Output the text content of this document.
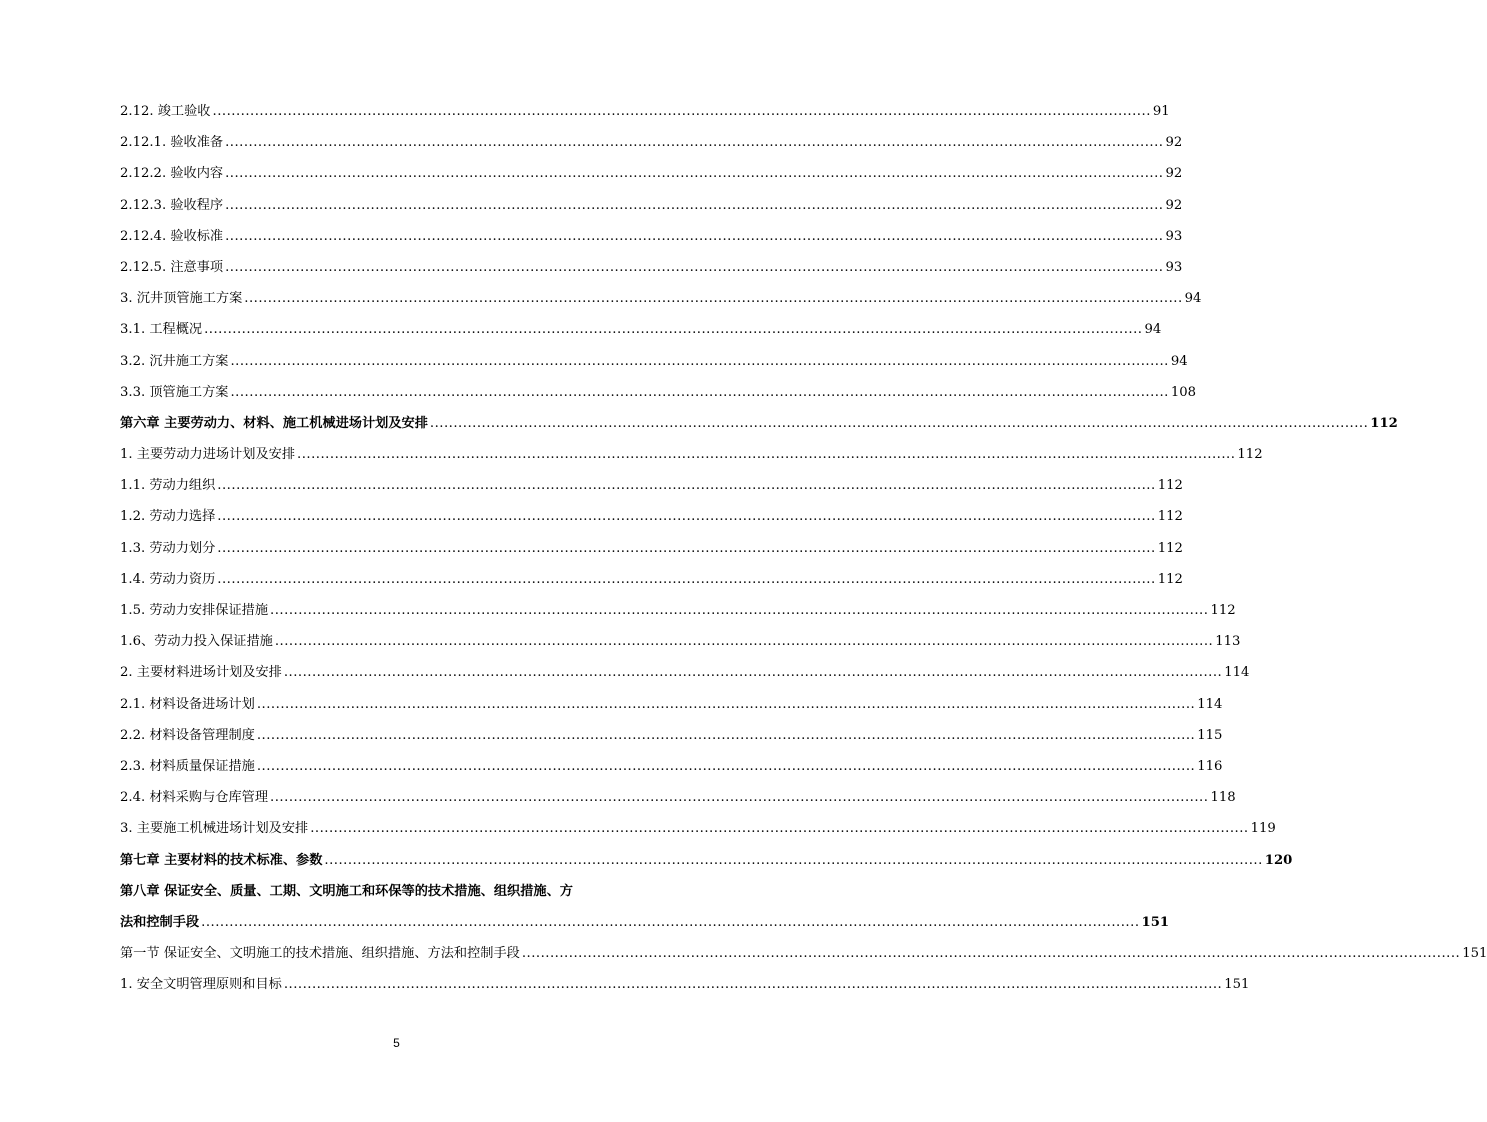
2.12. 竣工验收 ........................................................................................................................................................................................................ 91
2.12.1. 验收准备 ........................................................................................................................................................................................................ 92
2.12.2. 验收内容 ........................................................................................................................................................................................................ 92
2.12.3. 验收程序 ........................................................................................................................................................................................................ 92
2.12.4. 验收标准 ........................................................................................................................................................................................................ 93
2.12.5. 注意事项 ........................................................................................................................................................................................................ 93
3. 沉井顶管施工方案 ........................................................................................................................................................................................................ 94
3.1. 工程概况 ........................................................................................................................................................................................................ 94
3.2. 沉井施工方案 ........................................................................................................................................................................................................ 94
3.3. 顶管施工方案 ........................................................................................................................................................................................................ 108
第六章 主要劳动力、材料、施工机械进场计划及安排 ........................................................................................................................................................................................................ 112
1. 主要劳动力进场计划及安排 ........................................................................................................................................................................................................ 112
1.1. 劳动力组织 ........................................................................................................................................................................................................ 112
1.2. 劳动力选择 ........................................................................................................................................................................................................ 112
1.3. 劳动力划分 ........................................................................................................................................................................................................ 112
1.4. 劳动力资历 ........................................................................................................................................................................................................ 112
1.5. 劳动力安排保证措施 ........................................................................................................................................................................................................ 112
1.6、劳动力投入保证措施 ........................................................................................................................................................................................................ 113
2. 主要材料进场计划及安排 ........................................................................................................................................................................................................ 114
2.1. 材料设备进场计划 ........................................................................................................................................................................................................ 114
2.2. 材料设备管理制度 ........................................................................................................................................................................................................ 115
2.3. 材料质量保证措施 ........................................................................................................................................................................................................ 116
2.4. 材料采购与仓库管理 ........................................................................................................................................................................................................ 118
3. 主要施工机械进场计划及安排 ........................................................................................................................................................................................................ 119
第七章 主要材料的技术标准、参数 ........................................................................................................................................................................................................ 120
第八章 保证安全、质量、工期、文明施工和环保等的技术措施、组织措施、方
法和控制手段 ........................................................................................................................................................................................................ 151
第一节 保证安全、文明施工的技术措施、组织措施、方法和控制手段 ........................................................................................................................................................................................................ 151
1. 安全文明管理原则和目标 ........................................................................................................................................................................................................ 151
5
